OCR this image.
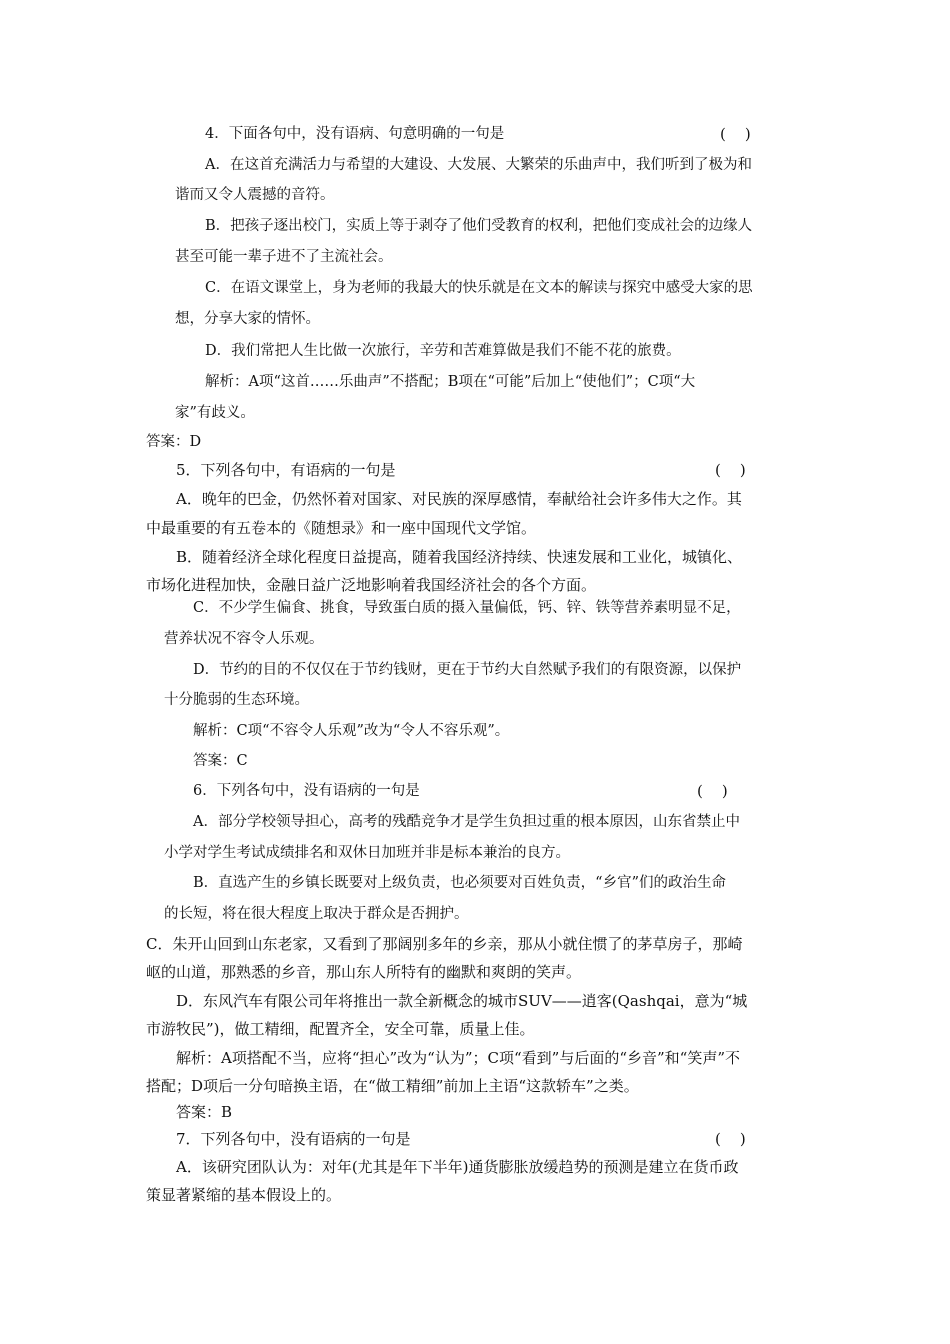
4．下面各句中，没有语病、句意明确的一句是	(    )
A．在这首充满活力与希望的大建设、大发展、大繁荣的乐曲声中，我们听到了极为和
谐而又令人震撼的音符。
B．把孩子逐出校门，实质上等于剥夺了他们受教育的权利，把他们变成社会的边缘人
甚至可能一辈子进不了主流社会。
C．在语文课堂上，身为老师的我最大的快乐就是在文本的解读与探究中感受大家的思
想，分享大家的情怀。
D．我们常把人生比做一次旅行，辛劳和苦难算做是我们不能不花的旅费。
解析：A项“这首……乐曲声”不搭配；B项在“可能”后加上“使他们”；C项“大
家”有歧义。
答案：D
5．下列各句中，有语病的一句是	(    )
A．晚年的巴金，仍然怀着对国家、对民族的深厚感情，奉献给社会许多伟大之作。其
中最重要的有五卷本的《随想录》和一座中国现代文学馆。
B．随着经济全球化程度日益提高，随着我国经济持续、快速发展和工业化，城镇化、
市场化进程加快，金融日益广泛地影响着我国经济社会的各个方面。
C．不少学生偏食、挑食，导致蛋白质的摄入量偏低，钙、锌、铁等营养素明显不足，
营养状况不容令人乐观。
D．节约的目的不仅仅在于节约钱财，更在于节约大自然赋予我们的有限资源，以保护
十分脆弱的生态环境。
解析：C项“不容令人乐观”改为“令人不容乐观”。
答案：C
6．下列各句中，没有语病的一句是	(    )
A．部分学校领导担心，高考的残酷竞争才是学生负担过重的根本原因，山东省禁止中
小学对学生考试成绩排名和双休日加班并非是标本兼治的良方。
B．直选产生的乡镇长既要对上级负责，也必须要对百姓负责，“乡官”们的政治生命
的长短，将在很大程度上取决于群众是否拥护。
C．朱开山回到山东老家，又看到了那阔别多年的乡亲，那从小就住惯了的茅草房子，那崎
岖的山道，那熟悉的乡音，那山东人所特有的幽默和爽朗的笑声。
D．东风汽车有限公司年将推出一款全新概念的城市SUV——逍客(Qashqai，意为“城
市游牧民”)，做工精细，配置齐全，安全可靠，质量上佳。
解析：A项搭配不当，应将“担心”改为“认为”；C项“看到”与后面的“乡音”和“笑声”不
搭配；D项后一分句暗换主语，在“做工精细”前加上主语“这款轿车”之类。
答案：B
7．下列各句中，没有语病的一句是	(    )
A．该研究团队认为：对年(尤其是年下半年)通货膨胀放缓趋势的预测是建立在货币政
策显著紧缩的基本假设上的。
